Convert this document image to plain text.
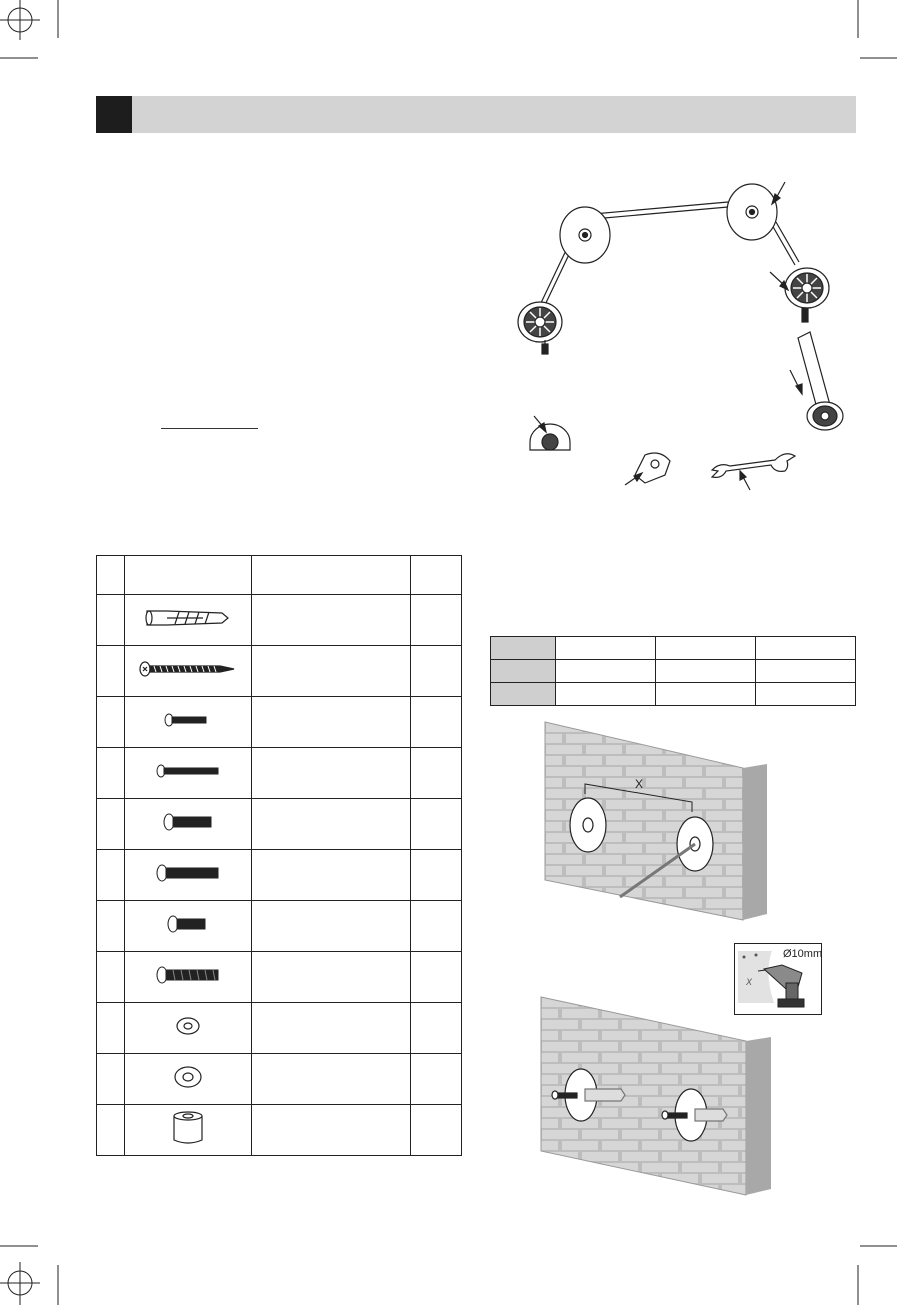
X
X
Ø10mm
